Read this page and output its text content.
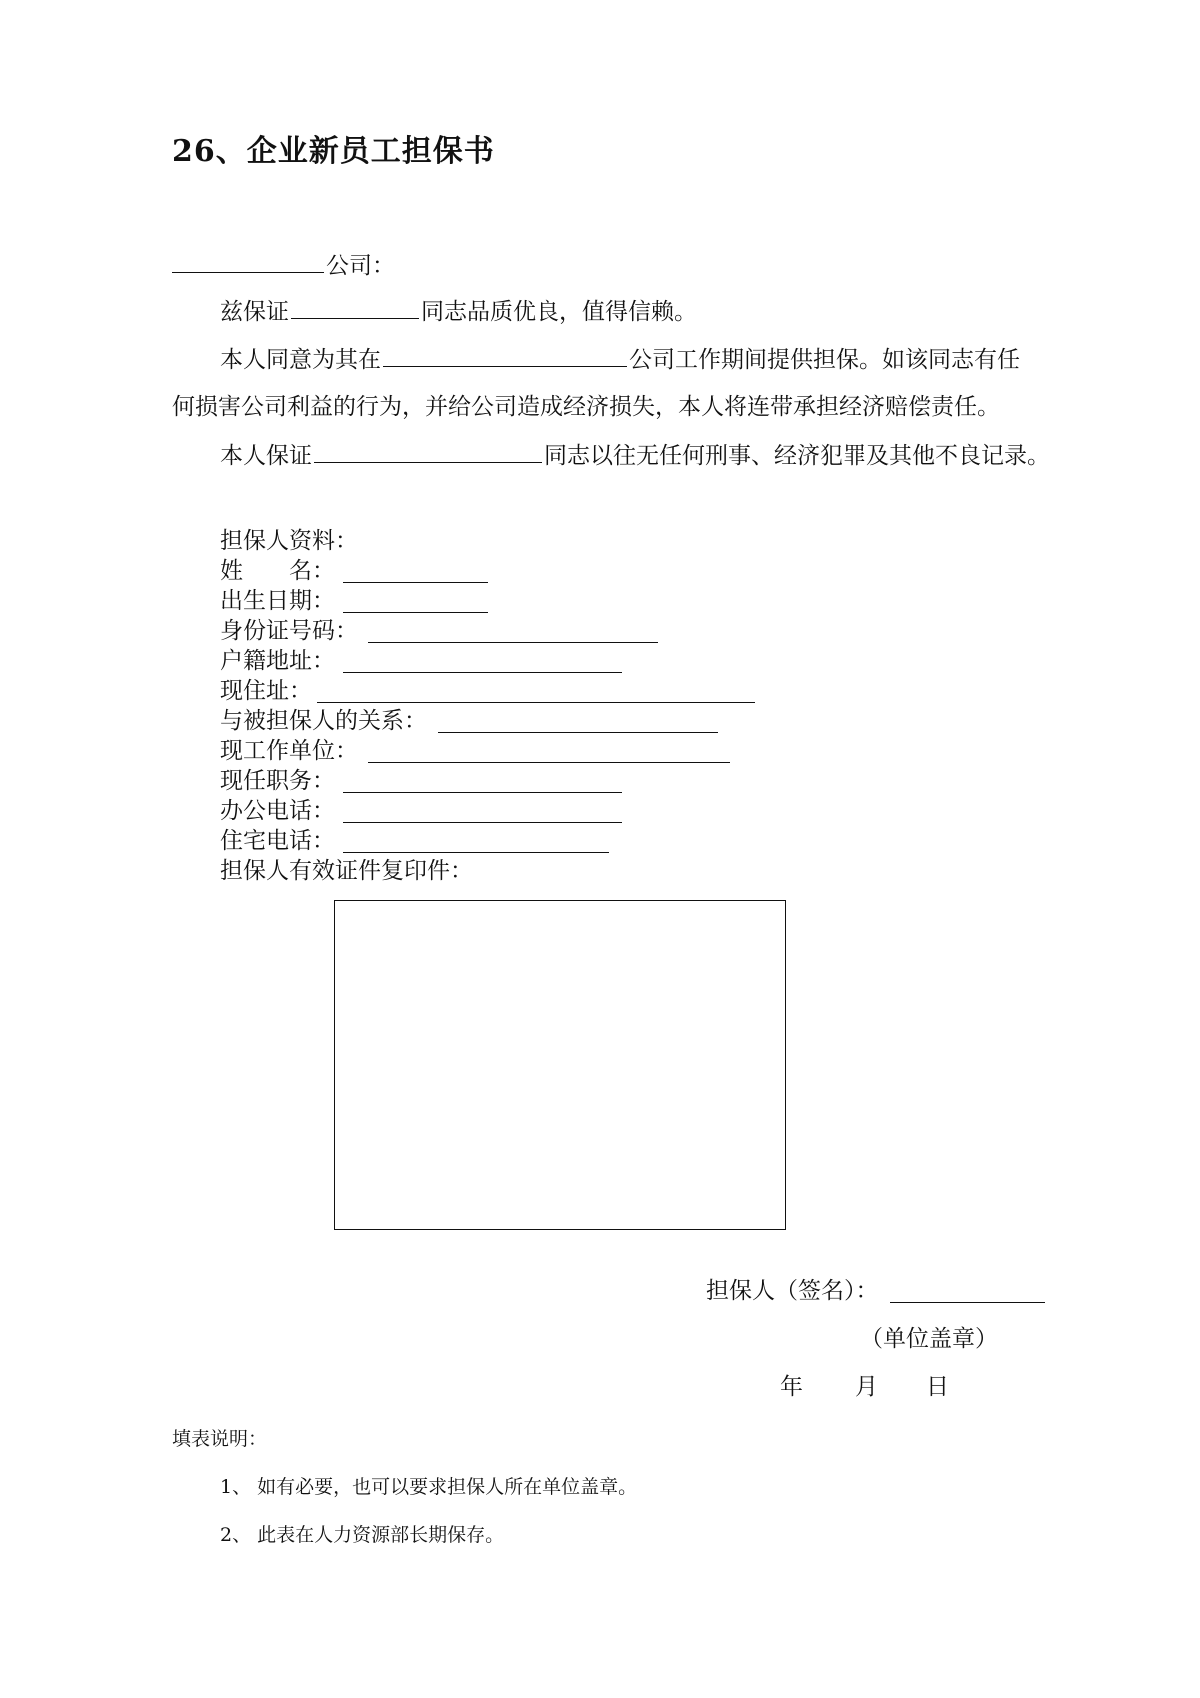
26、企业新员工担保书
公司：
兹保证	同志品质优良，值得信赖。
本人同意为其在	公司工作期间提供担保。如该同志有任
何损害公司利益的行为，并给公司造成经济损失，本人将连带承担经济赔偿责任。
本人保证	同志以往无任何刑事、经济犯罪及其他不良记录。
担保人资料：
姓　　名：
出生日期：
身份证号码：
户籍地址：
现住址：
与被担保人的关系：
现工作单位：
现任职务：
办公电话：
住宅电话：
担保人有效证件复印件：
担保人（签名）：
（单位盖章）
年 月 日
填表说明：
1、 如有必要，也可以要求担保人所在单位盖章。
2、 此表在人力资源部长期保存。
